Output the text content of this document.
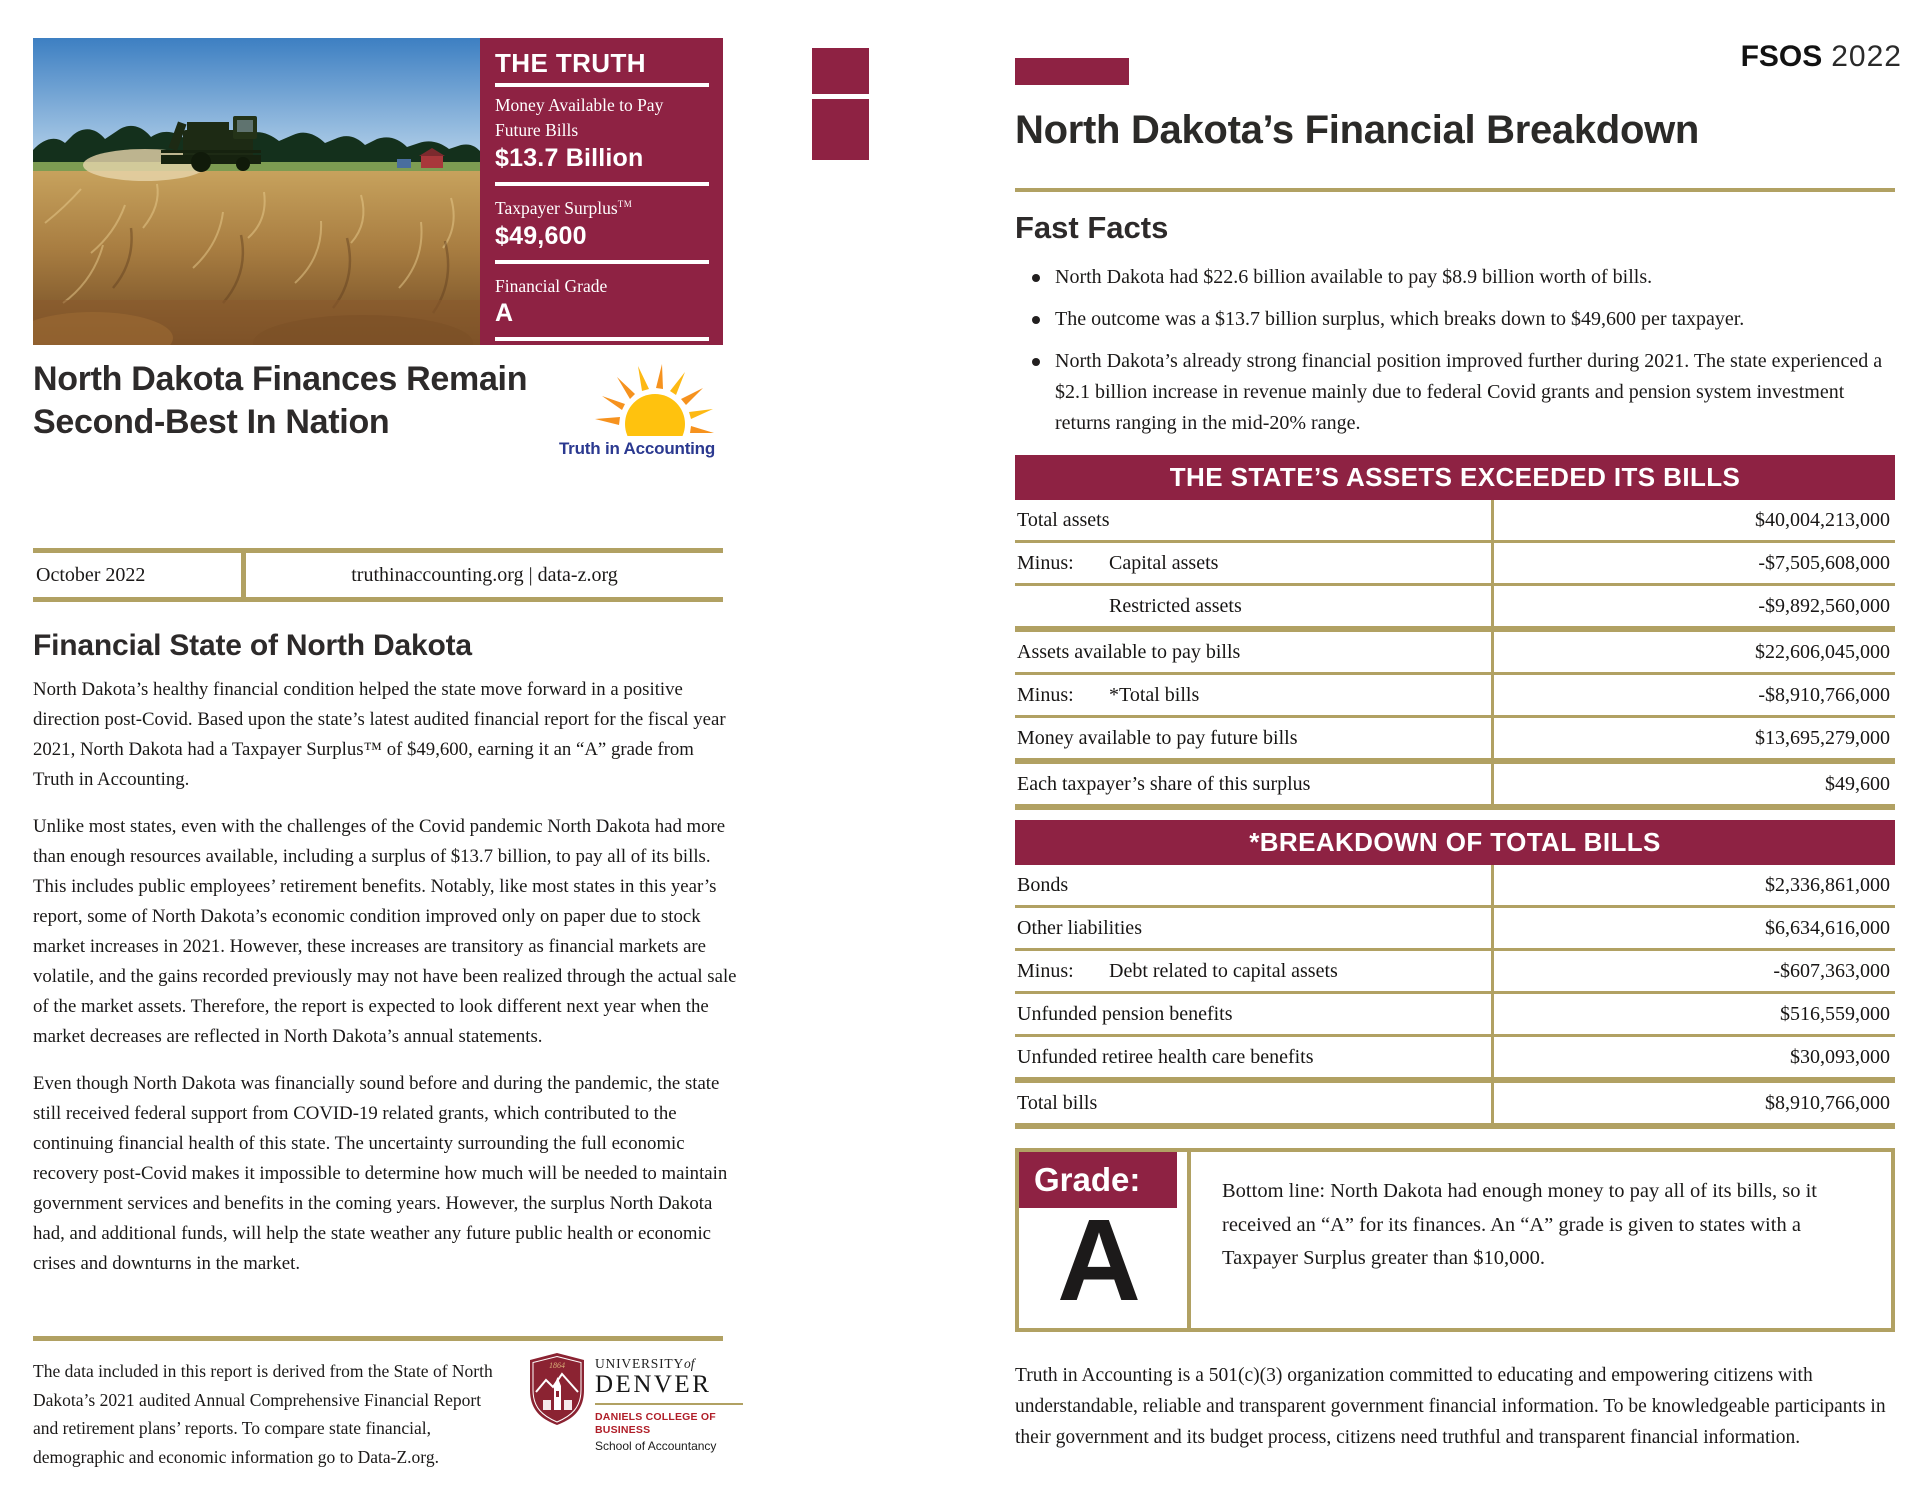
THE TRUTH
Money Available to Pay Future Bills
$13.7 Billion
Taxpayer Surplus™
$49,600
Financial Grade
A
North Dakota Finances Remain Second-Best In Nation
Truth in Accounting
October 2022	truthinaccounting.org | data-z.org
Financial State of North Dakota

North Dakota’s healthy financial condition helped the state move forward in a positive direction post-Covid. Based upon the state’s latest audited financial report for the fiscal year 2021, North Dakota had a Taxpayer Surplus™ of $49,600, earning it an “A” grade from Truth in Accounting.

Unlike most states, even with the challenges of the Covid pandemic North Dakota had more than enough resources available, including a surplus of $13.7 billion, to pay all of its bills. This includes public employees’ retirement benefits. Notably, like most states in this year’s report, some of North Dakota’s economic condition improved only on paper due to stock market increases in 2021. However, these increases are transitory as financial markets are volatile, and the gains recorded previously may not have been realized through the actual sale of the market assets. Therefore, the report is expected to look different next year when the market decreases are reflected in North Dakota’s annual statements.

Even though North Dakota was financially sound before and during the pandemic, the state still received federal support from COVID-19 related grants, which contributed to the continuing financial health of this state. The uncertainty surrounding the full economic recovery post-Covid makes it impossible to determine how much will be needed to maintain government services and benefits in the coming years. However, the surplus North Dakota had, and additional funds, will help the state weather any future public health or economic crises and downturns in the market.

The data included in this report is derived from the State of North Dakota’s 2021 audited Annual Comprehensive Financial Report and retirement plans’ reports. To compare state financial, demographic and economic information go to Data-Z.org.
1864 UNIVERSITYof
DENVER
DANIELS COLLEGE OF BUSINESS
School of Accountancy
FSOS 2022
North Dakota’s Financial Breakdown
Fast Facts
North Dakota had $22.6 billion available to pay $8.9 billion worth of bills.
The outcome was a $13.7 billion surplus, which breaks down to $49,600 per taxpayer.
North Dakota’s already strong financial position improved further during 2021. The state experienced a $2.1 billion increase in revenue mainly due to federal Covid grants and pension system investment returns ranging in the mid-20% range.
THE STATE’S ASSETS EXCEEDED ITS BILLS
Total assets	$40,004,213,000
Minus:	Capital assets	-$7,505,608,000
Restricted assets	-$9,892,560,000
Assets available to pay bills	$22,606,045,000
Minus:	*Total bills	-$8,910,766,000
Money available to pay future bills	$13,695,279,000
Each taxpayer’s share of this surplus	$49,600
*BREAKDOWN OF TOTAL BILLS
Bonds	$2,336,861,000
Other liabilities	$6,634,616,000
Minus:	Debt related to capital assets	-$607,363,000
Unfunded pension benefits	$516,559,000
Unfunded retiree health care benefits	$30,093,000
Total bills	$8,910,766,000
Grade:
A
Bottom line: North Dakota had enough money to pay all of its bills, so it received an “A” for its finances. An “A” grade is given to states with a Taxpayer Surplus greater than $10,000.
Truth in Accounting is a 501(c)(3) organization committed to educating and empowering citizens with understandable, reliable and transparent government financial information. To be knowledgeable participants in their government and its budget process, citizens need truthful and transparent financial information.
